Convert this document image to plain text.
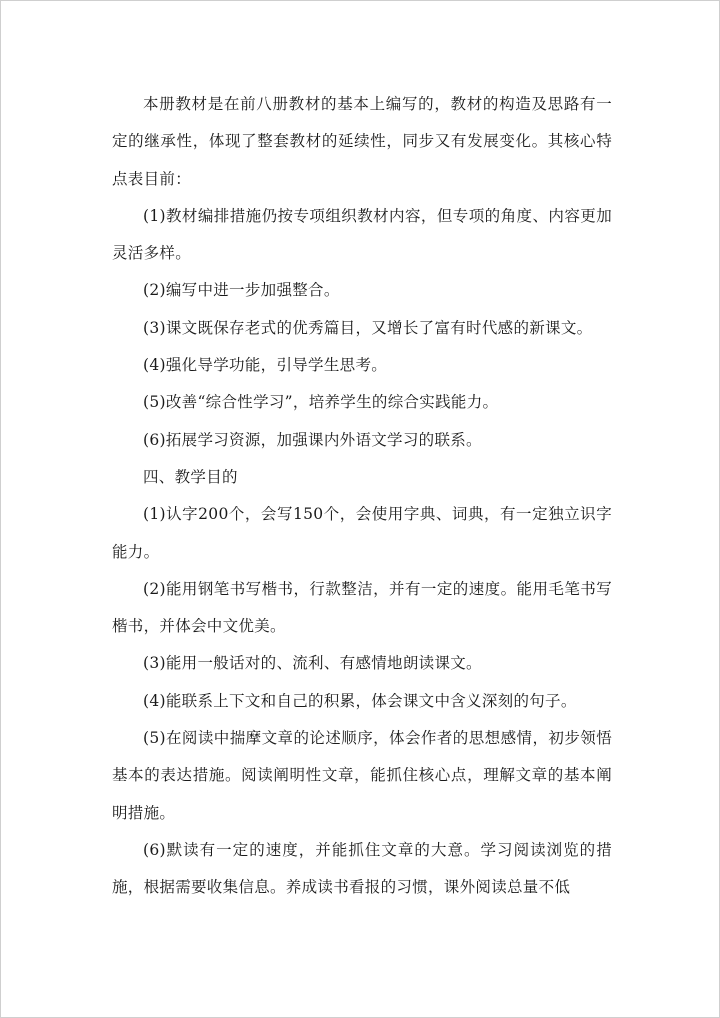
本册教材是在前八册教材的基本上编写的，教材的构造及思路有一定的继承性，体现了整套教材的延续性，同步又有发展变化。其核心特点表目前：

(1)教材编排措施仍按专项组织教材内容，但专项的角度、内容更加灵活多样。

(2)编写中进一步加强整合。

(3)课文既保存老式的优秀篇目，又增长了富有时代感的新课文。

(4)强化导学功能，引导学生思考。

(5)改善“综合性学习”，培养学生的综合实践能力。

(6)拓展学习资源，加强课内外语文学习的联系。

四、教学目的

(1)认字200个，会写150个，会使用字典、词典，有一定独立识字能力。

(2)能用钢笔书写楷书，行款整洁，并有一定的速度。能用毛笔书写楷书，并体会中文优美。

(3)能用一般话对的、流利、有感情地朗读课文。

(4)能联系上下文和自己的积累，体会课文中含义深刻的句子。

(5)在阅读中揣摩文章的论述顺序，体会作者的思想感情，初步领悟基本的表达措施。阅读阐明性文章，能抓住核心点，理解文章的基本阐明措施。

(6)默读有一定的速度，并能抓住文章的大意。学习阅读浏览的措施，根据需要收集信息。养成读书看报的习惯，课外阅读总量不低
